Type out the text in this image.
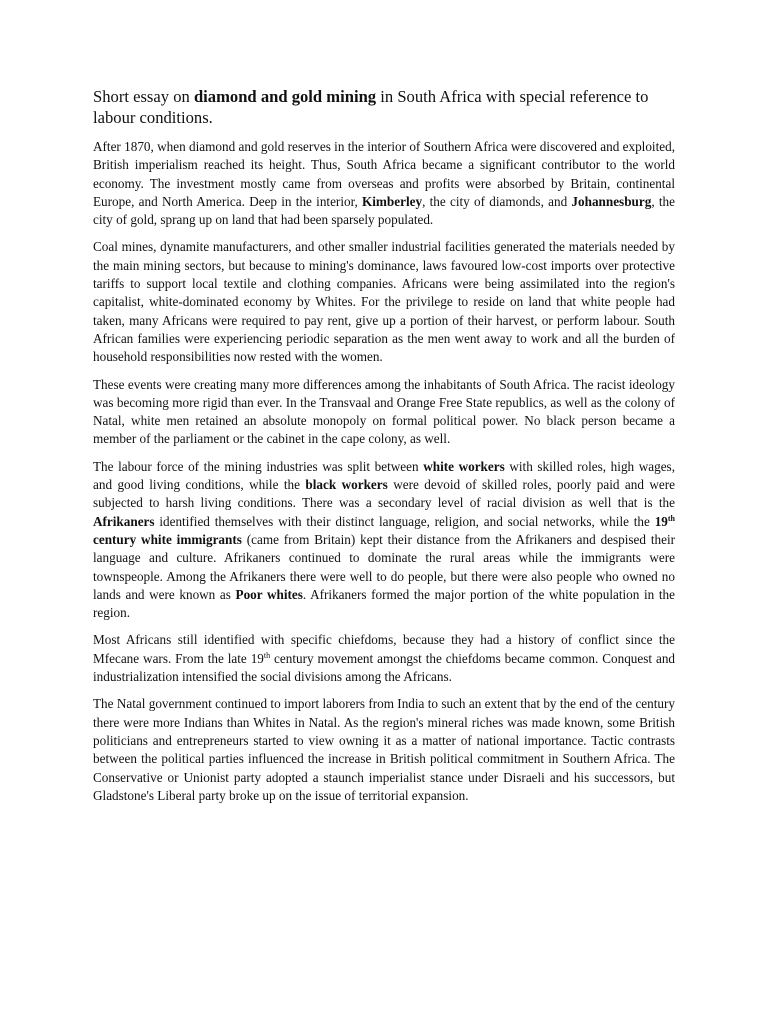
Short essay on diamond and gold mining in South Africa with special reference to labour conditions.

After 1870, when diamond and gold reserves in the interior of Southern Africa were discovered and exploited, British imperialism reached its height. Thus, South Africa became a significant contributor to the world economy. The investment mostly came from overseas and profits were absorbed by Britain, continental Europe, and North America. Deep in the interior, Kimberley, the city of diamonds, and Johannesburg, the city of gold, sprang up on land that had been sparsely populated.

Coal mines, dynamite manufacturers, and other smaller industrial facilities generated the materials needed by the main mining sectors, but because to mining's dominance, laws favoured low-cost imports over protective tariffs to support local textile and clothing companies. Africans were being assimilated into the region's capitalist, white-dominated economy by Whites. For the privilege to reside on land that white people had taken, many Africans were required to pay rent, give up a portion of their harvest, or perform labour. South African families were experiencing periodic separation as the men went away to work and all the burden of household responsibilities now rested with the women.

These events were creating many more differences among the inhabitants of South Africa. The racist ideology was becoming more rigid than ever. In the Transvaal and Orange Free State republics, as well as the colony of Natal, white men retained an absolute monopoly on formal political power. No black person became a member of the parliament or the cabinet in the cape colony, as well.

The labour force of the mining industries was split between white workers with skilled roles, high wages, and good living conditions, while the black workers were devoid of skilled roles, poorly paid and were subjected to harsh living conditions. There was a secondary level of racial division as well that is the Afrikaners identified themselves with their distinct language, religion, and social networks, while the 19th century white immigrants (came from Britain) kept their distance from the Afrikaners and despised their language and culture. Afrikaners continued to dominate the rural areas while the immigrants were townspeople. Among the Afrikaners there were well to do people, but there were also people who owned no lands and were known as Poor whites. Afrikaners formed the major portion of the white population in the region.

Most Africans still identified with specific chiefdoms, because they had a history of conflict since the Mfecane wars. From the late 19th century movement amongst the chiefdoms became common. Conquest and industrialization intensified the social divisions among the Africans.

The Natal government continued to import laborers from India to such an extent that by the end of the century there were more Indians than Whites in Natal. As the region's mineral riches was made known, some British politicians and entrepreneurs started to view owning it as a matter of national importance. Tactic contrasts between the political parties influenced the increase in British political commitment in Southern Africa. The Conservative or Unionist party adopted a staunch imperialist stance under Disraeli and his successors, but Gladstone's Liberal party broke up on the issue of territorial expansion.
